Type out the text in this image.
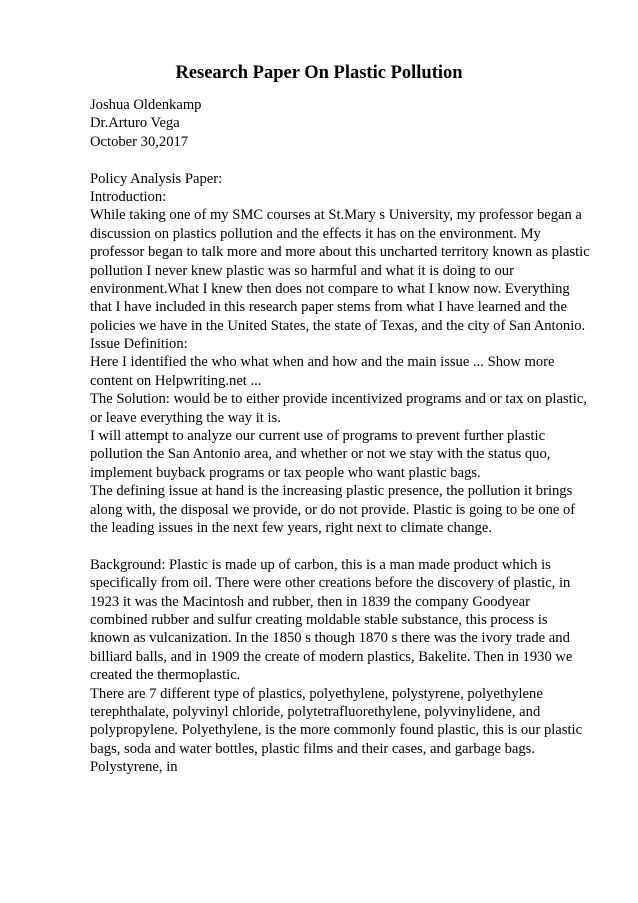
Research Paper On Plastic Pollution
Joshua Oldenkamp
Dr.Arturo Vega
October 30,2017
Policy Analysis Paper:
Introduction:
While taking one of my SMC courses at St.Mary s University, my professor began a
discussion on plastics pollution and the effects it has on the environment. My
professor began to talk more and more about this uncharted territory known as plastic
pollution I never knew plastic was so harmful and what it is doing to our
environment.What I knew then does not compare to what I know now. Everything
that I have included in this research paper stems from what I have learned and the
policies we have in the United States, the state of Texas, and the city of San Antonio.
Issue Definition:
Here I identified the who what when and how and the main issue ... Show more
content on Helpwriting.net ...
The Solution: would be to either provide incentivized programs and or tax on plastic,
or leave everything the way it is.
I will attempt to analyze our current use of programs to prevent further plastic
pollution the San Antonio area, and whether or not we stay with the status quo,
implement buyback programs or tax people who want plastic bags.
The defining issue at hand is the increasing plastic presence, the pollution it brings
along with, the disposal we provide, or do not provide. Plastic is going to be one of
the leading issues in the next few years, right next to climate change.
Background: Plastic is made up of carbon, this is a man made product which is
specifically from oil. There were other creations before the discovery of plastic, in
1923 it was the Macintosh and rubber, then in 1839 the company Goodyear
combined rubber and sulfur creating moldable stable substance, this process is
known as vulcanization. In the 1850 s though 1870 s there was the ivory trade and
billiard balls, and in 1909 the create of modern plastics, Bakelite. Then in 1930 we
created the thermoplastic.
There are 7 different type of plastics, polyethylene, polystyrene, polyethylene
terephthalate, polyvinyl chloride, polytetrafluorethylene, polyvinylidene, and
polypropylene. Polyethylene, is the more commonly found plastic, this is our plastic
bags, soda and water bottles, plastic films and their cases, and garbage bags.
Polystyrene, in
